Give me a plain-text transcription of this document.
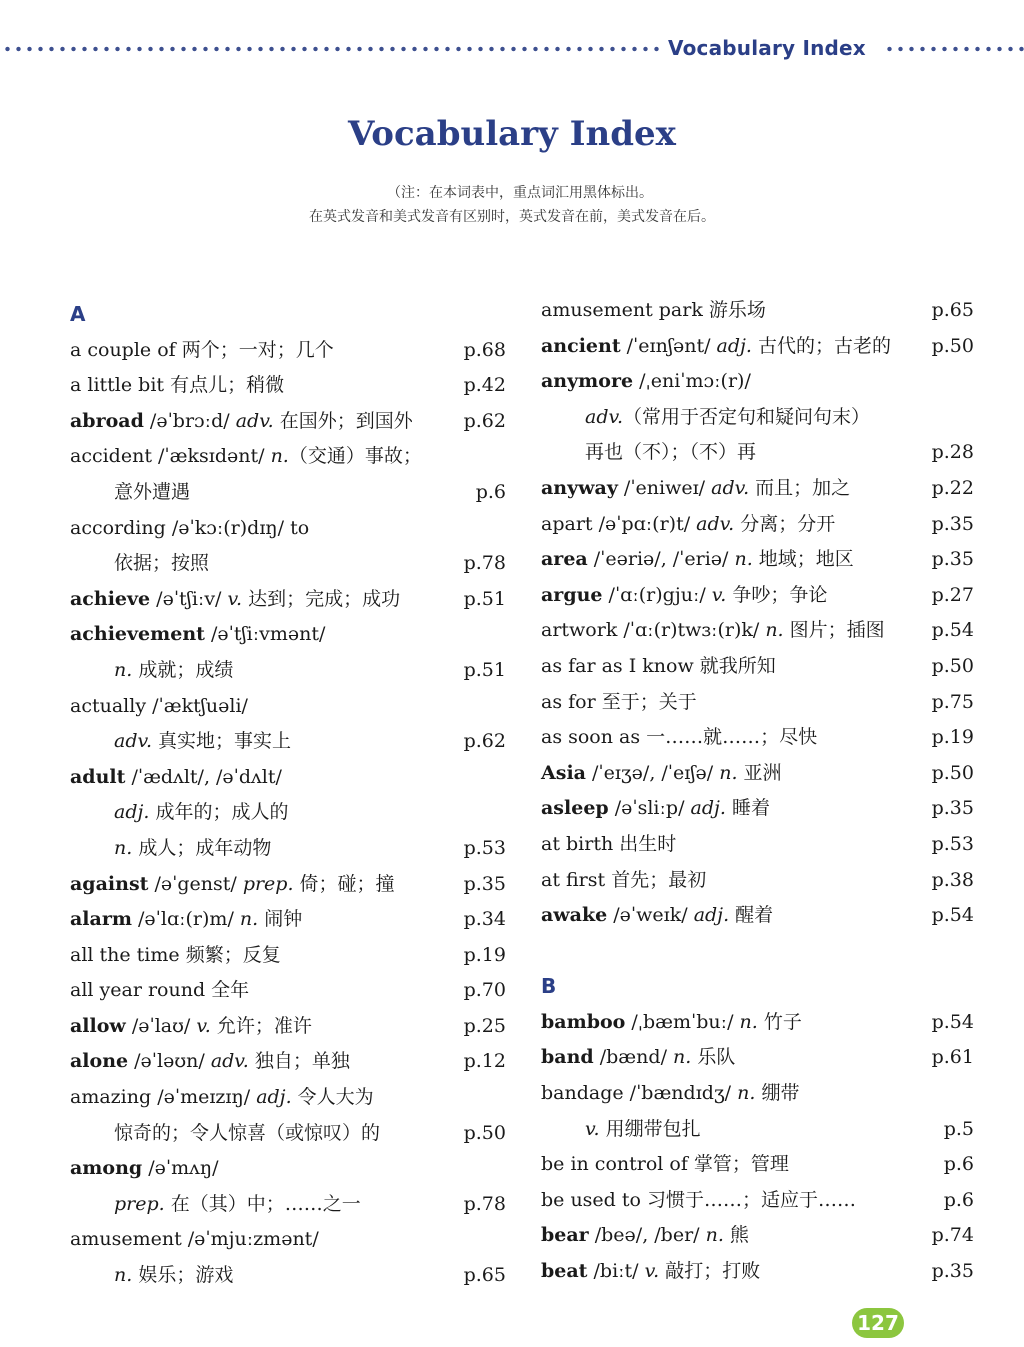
Vocabulary Index
Vocabulary Index
（注：在本词表中，重点词汇用黑体标出。
在英式发音和美式发音有区别时，英式发音在前，美式发音在后。
A
a couple of 两个；一对；几个	p.68
a little bit 有点儿；稍微	p.42
abroad /əˈbrɔːd/ adv. 在国外；到国外	p.62
accident /ˈæksɪdənt/ n.（交通）事故；
意外遭遇	p.6
according /əˈkɔː(r)dɪŋ/ to
依据；按照	p.78
achieve /əˈtʃiːv/ v. 达到；完成；成功	p.51
achievement /əˈtʃiːvmənt/
n. 成就；成绩	p.51
actually /ˈæktʃuəli/
adv. 真实地；事实上	p.62
adult /ˈædʌlt/, /əˈdʌlt/
adj. 成年的；成人的
n. 成人；成年动物	p.53
against /əˈgenst/ prep. 倚；碰；撞	p.35
alarm /əˈlɑː(r)m/ n. 闹钟	p.34
all the time 频繁；反复	p.19
all year round 全年	p.70
allow /əˈlaʊ/ v. 允许；准许	p.25
alone /əˈləʊn/ adv. 独自；单独	p.12
amazing /əˈmeɪzɪŋ/ adj. 令人大为
惊奇的；令人惊喜（或惊叹）的	p.50
among /əˈmʌŋ/
prep. 在（其）中；……之一	p.78
amusement /əˈmjuːzmənt/
n. 娱乐；游戏	p.65
amusement park 游乐场	p.65
ancient /ˈeɪnʃənt/ adj. 古代的；古老的 p.50
anymore /ˌeniˈmɔː(r)/
adv.（常用于否定句和疑问句末）
再也（不）；（不）再	p.28
anyway /ˈeniweɪ/ adv. 而且；加之	p.22
apart /əˈpɑː(r)t/ adv. 分离；分开	p.35
area /ˈeəriə/, /ˈeriə/ n. 地域；地区	p.35
argue /ˈɑː(r)gjuː/ v. 争吵；争论	p.27
artwork /ˈɑː(r)twɜː(r)k/ n. 图片；插图 p.54
as far as I know 就我所知	p.50
as for 至于；关于	p.75
as soon as 一……就……；尽快	p.19
Asia /ˈeɪʒə/, /ˈeɪʃə/ n. 亚洲	p.50
asleep /əˈsliːp/ adj. 睡着	p.35
at birth 出生时	p.53
at first 首先；最初	p.38
awake /əˈweɪk/ adj. 醒着	p.54
B
bamboo /ˌbæmˈbuː/ n. 竹子	p.54
band /bænd/ n. 乐队	p.61
bandage /ˈbændɪdʒ/ n. 绷带
v. 用绷带包扎	p.5
be in control of 掌管；管理	p.6
be used to 习惯于……；适应于……	p.6
bear /beə/, /ber/ n. 熊	p.74
beat /biːt/ v. 敲打；打败	p.35
127
